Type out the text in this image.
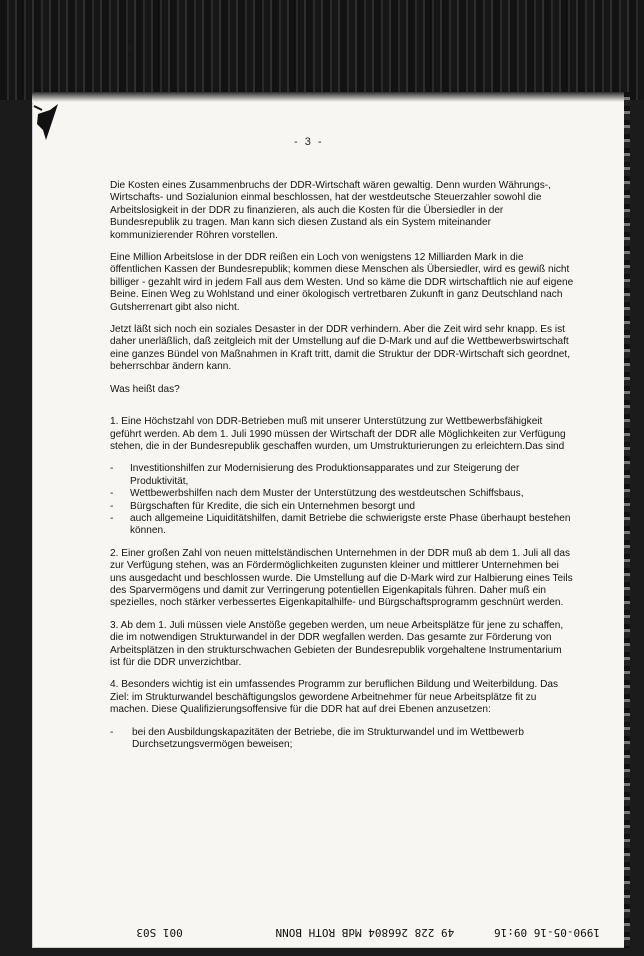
- 3 -

Die Kosten eines Zusammenbruchs der DDR-Wirtschaft wären gewaltig. Denn wurden Währungs-, Wirtschafts- und Sozialunion einmal beschlossen, hat der westdeutsche Steuerzahler sowohl die Arbeitslosigkeit in der DDR zu finanzieren, als auch die Kosten für die Übersiedler in der Bundesrepublik zu tragen. Man kann sich diesen Zustand als ein System miteinander kommunizierender Röhren vorstellen.

Eine Million Arbeitslose in der DDR reißen ein Loch von wenigstens 12 Milliarden Mark in die öffentlichen Kassen der Bundesrepublik; kommen diese Menschen als Übersiedler, wird es gewiß nicht billiger - gezahlt wird in jedem Fall aus dem Westen. Und so käme die DDR wirtschaftlich nie auf eigene Beine. Einen Weg zu Wohlstand und einer ökologisch vertretbaren Zukunft in ganz Deutschland nach Gutsherrenart gibt also nicht.

Jetzt läßt sich noch ein soziales Desaster in der DDR verhindern. Aber die Zeit wird sehr knapp. Es ist daher unerläßlich, daß zeitgleich mit der Umstellung auf die D-Mark und auf die Wettbewerbswirtschaft eine ganzes Bündel von Maßnahmen in Kraft tritt, damit die Struktur der DDR-Wirtschaft sich geordnet, beherrschbar ändern kann.

Was heißt das?

1. Eine Höchstzahl von DDR-Betrieben muß mit unserer Unterstützung zur Wettbewerbsfähigkeit geführt werden. Ab dem 1. Juli 1990 müssen der Wirtschaft der DDR alle Möglichkeiten zur Verfügung stehen, die in der Bundesrepublik geschaffen wurden, um Umstrukturierungen zu erleichtern.Das sind

-	Investitionshilfen zur Modernisierung des Produktionsapparates und zur Steigerung der Produktivität,
-	Wettbewerbshilfen nach dem Muster der Unterstützung des westdeutschen Schiffsbaus,
-	Bürgschaften für Kredite, die sich ein Unternehmen besorgt und
-	auch allgemeine Liquiditätshilfen, damit Betriebe die schwierigste erste Phase überhaupt bestehen können.

2. Einer großen Zahl von neuen mittelständischen Unternehmen in der DDR muß ab dem 1. Juli all das zur Verfügung stehen, was an Fördermöglichkeiten zugunsten kleiner und mittlerer Unternehmen bei uns ausgedacht und beschlossen wurde. Die Umstellung auf die D-Mark wird zur Halbierung eines Teils des Sparvermögens und damit zur Verringerung potentiellen Eigenkapitals führen. Daher muß ein spezielles, noch stärker verbessertes Eigenkapitalhilfe- und Bürgschaftsprogramm geschnürt werden.

3. Ab dem 1. Juli müssen viele Anstöße gegeben werden, um neue Arbeitsplätze für jene zu schaffen, die im notwendigen Strukturwandel in der DDR wegfallen werden. Das gesamte zur Förderung von Arbeitsplätzen in den strukturschwachen Gebieten der Bundesrepublik vorgehaltene Instrumentarium ist für die DDR unverzichtbar.

4. Besonders wichtig ist ein umfassendes Programm zur beruflichen Bildung und Weiterbildung. Das Ziel: im Strukturwandel beschäftigungslos gewordene Arbeitnehmer für neue Arbeitsplätze fit zu machen. Diese Qualifizierungsoffensive für die DDR hat auf drei Ebenen anzusetzen:

-	bei den Ausbildungskapazitäten der Betriebe, die im Strukturwandel und im Wettbewerb Durchsetzungsvermögen beweisen;
1990-05-16 09:16      49 228 266804 MdB ROTH BONN              001 S03
